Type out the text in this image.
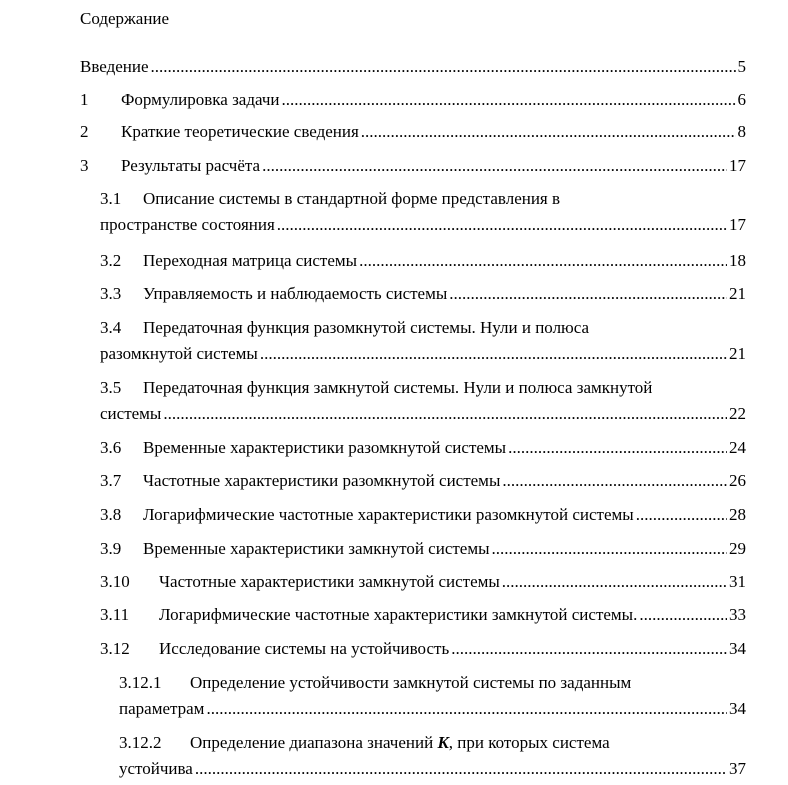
Содержание
Введение .....	5
1	Формулировка задачи .....	6
2	Краткие теоретические сведения .....	8
3	Результаты расчёта .....	17
3.1 Описание системы в стандартной форме представления в
пространстве состояния .....	17
3.2	Переходная матрица системы .....	18
3.3	Управляемость и наблюдаемость системы .....	21
3.4 Передаточная функция разомкнутой системы. Нули и полюса
разомкнутой системы .....	21
3.5 Передаточная функция замкнутой системы. Нули и полюса замкнутой
системы .....	22
3.6	Временные характеристики разомкнутой системы .....	24
3.7	Частотные характеристики разомкнутой системы .....	26
3.8	Логарифмические частотные характеристики разомкнутой системы .....	28
3.9	Временные характеристики замкнутой системы .....	29
3.10	Частотные характеристики замкнутой системы .....	31
3.11	Логарифмические частотные характеристики замкнутой системы. .....	33
3.12	Исследование системы на устойчивость .....	34
3.12.1 Определение устойчивости замкнутой системы по заданным
параметрам .....	34
3.12.2 Определение диапазона значений K, при которых система
устойчива .....	37
